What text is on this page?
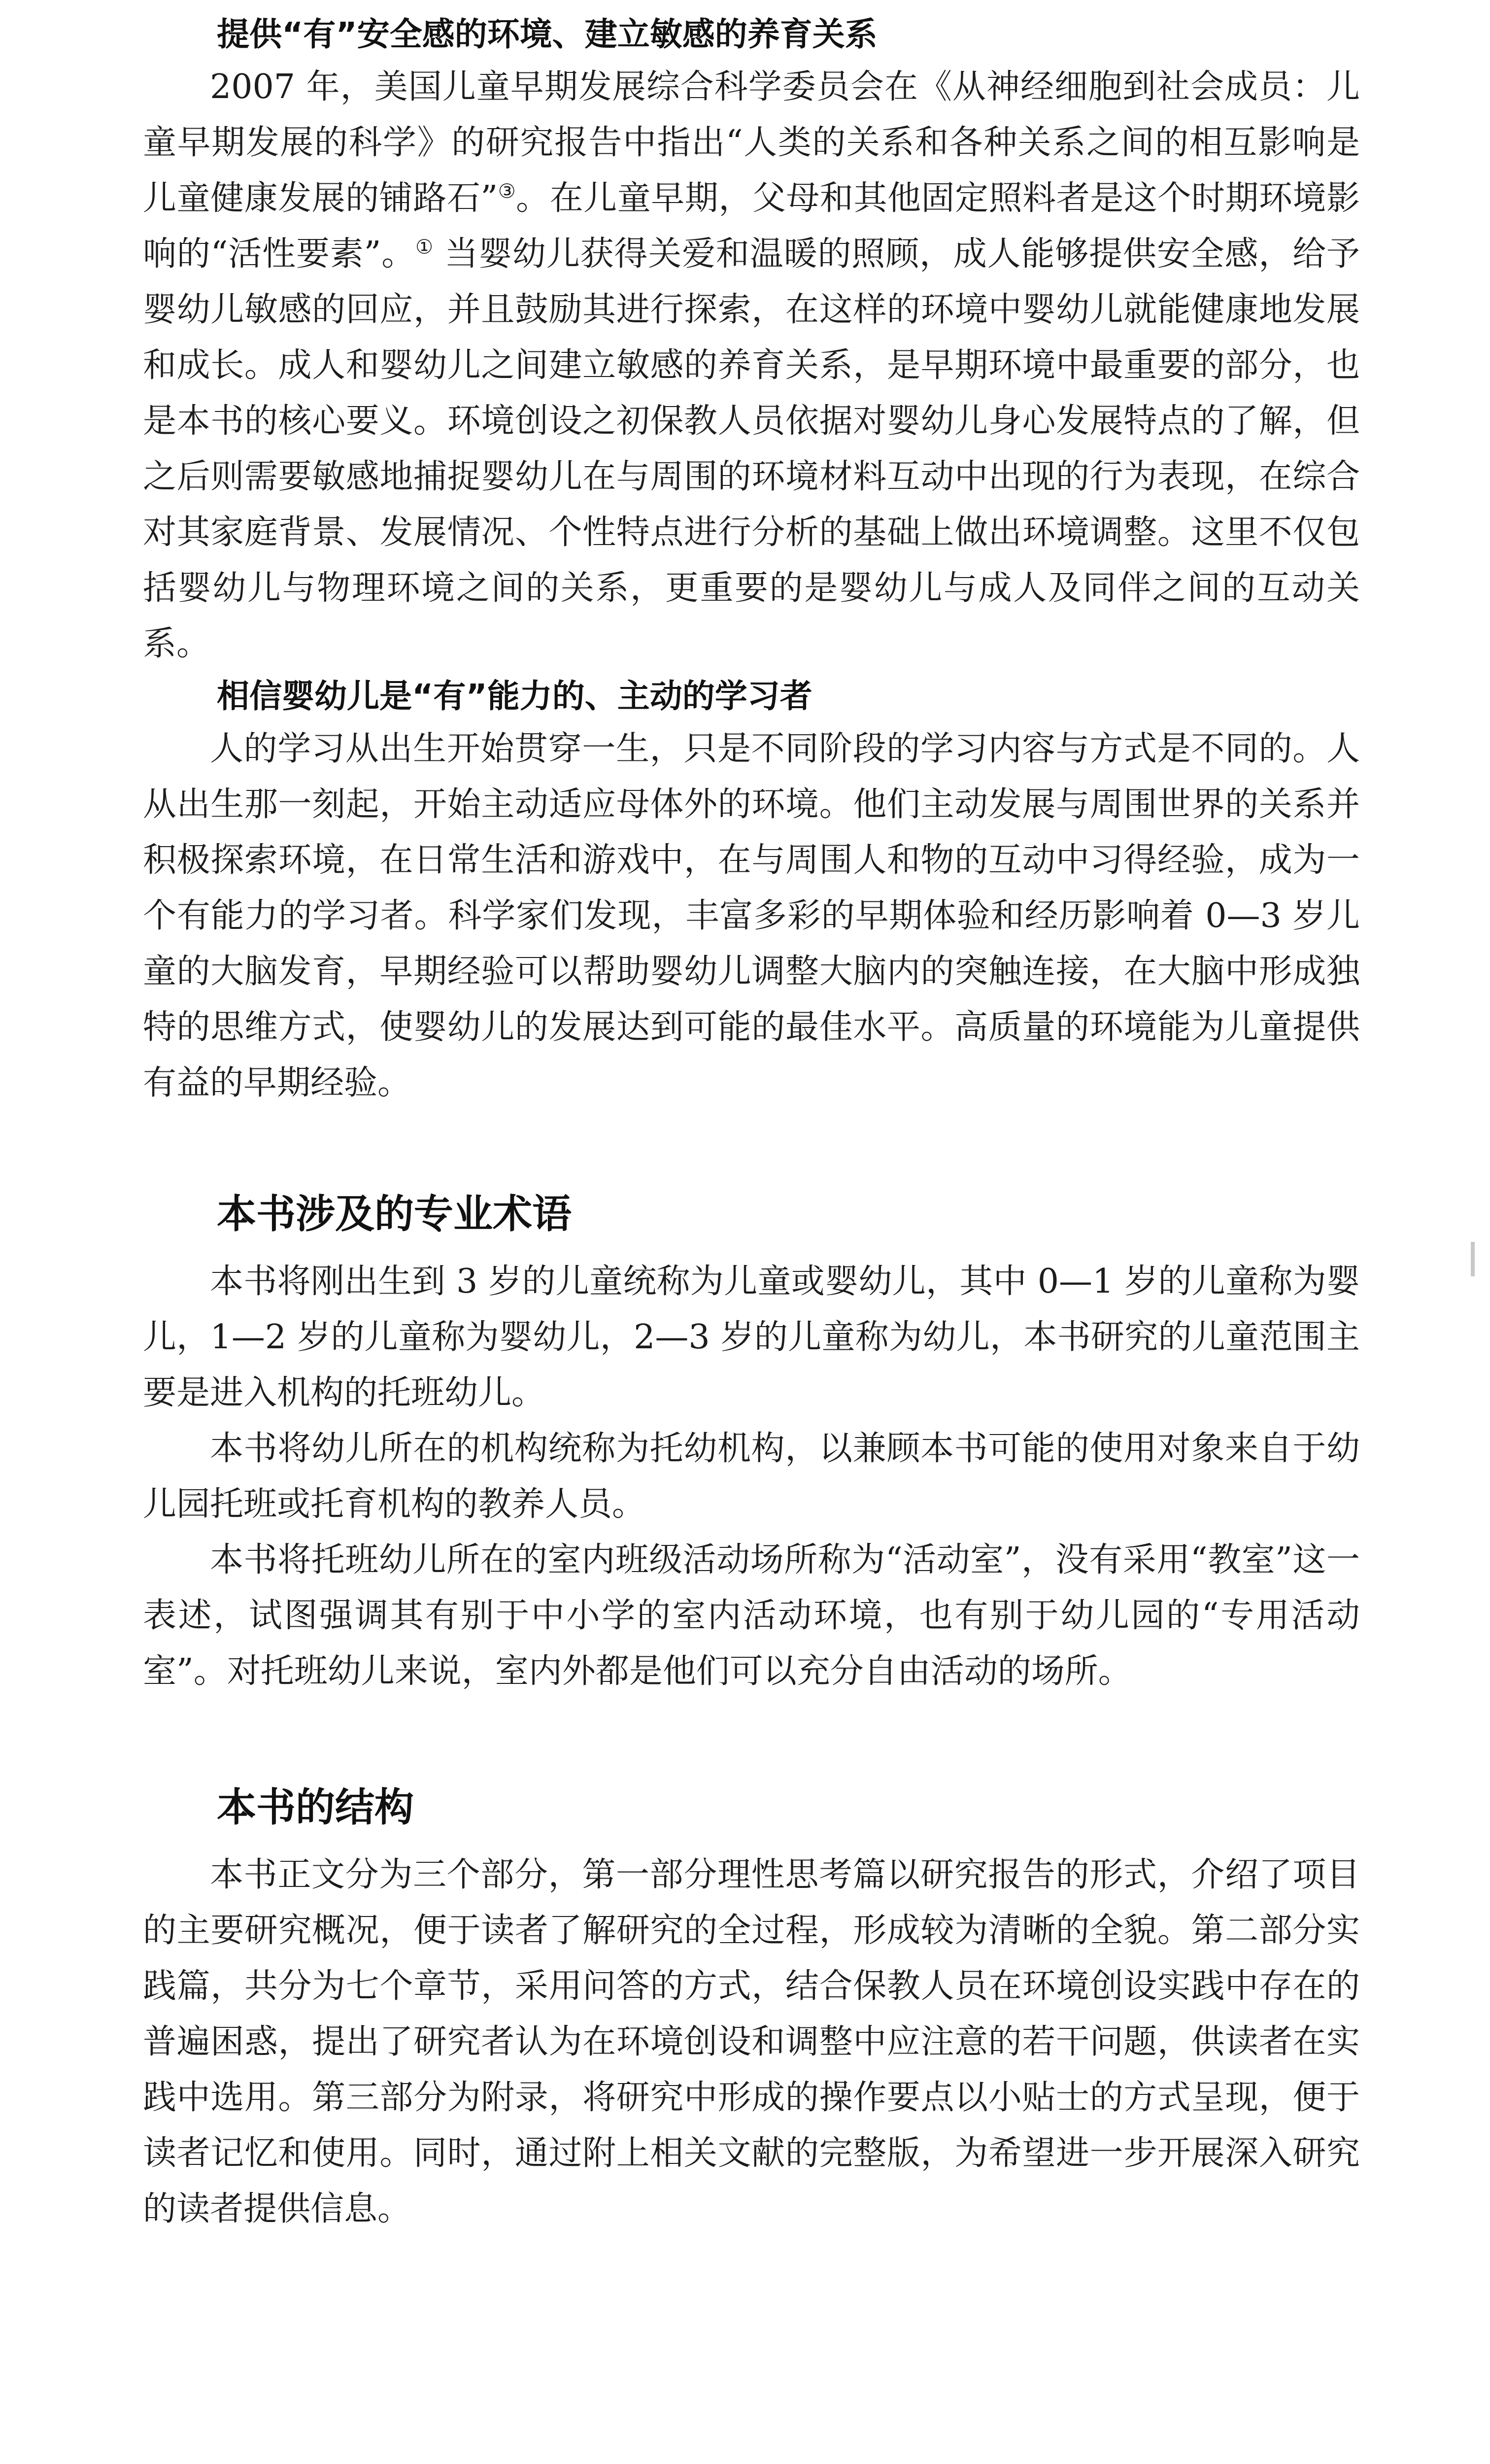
提供“有”安全感的环境、建立敏感的养育关系

2007 年，美国儿童早期发展综合科学委员会在《从神经细胞到社会成员：儿童早期发展的科学》的研究报告中指出“人类的关系和各种关系之间的相互影响是儿童健康发展的铺路石”③。在儿童早期，父母和其他固定照料者是这个时期环境影响的“活性要素”。① 当婴幼儿获得关爱和温暖的照顾，成人能够提供安全感，给予婴幼儿敏感的回应，并且鼓励其进行探索，在这样的环境中婴幼儿就能健康地发展和成长。成人和婴幼儿之间建立敏感的养育关系，是早期环境中最重要的部分，也是本书的核心要义。环境创设之初保教人员依据对婴幼儿身心发展特点的了解，但之后则需要敏感地捕捉婴幼儿在与周围的环境材料互动中出现的行为表现，在综合对其家庭背景、发展情况、个性特点进行分析的基础上做出环境调整。这里不仅包括婴幼儿与物理环境之间的关系，更重要的是婴幼儿与成人及同伴之间的互动关系。

相信婴幼儿是“有”能力的、主动的学习者

人的学习从出生开始贯穿一生，只是不同阶段的学习内容与方式是不同的。人从出生那一刻起，开始主动适应母体外的环境。他们主动发展与周围世界的关系并积极探索环境，在日常生活和游戏中，在与周围人和物的互动中习得经验，成为一个有能力的学习者。科学家们发现，丰富多彩的早期体验和经历影响着 0—3 岁儿童的大脑发育，早期经验可以帮助婴幼儿调整大脑内的突触连接，在大脑中形成独特的思维方式，使婴幼儿的发展达到可能的最佳水平。高质量的环境能为儿童提供有益的早期经验。

本书涉及的专业术语

本书将刚出生到 3 岁的儿童统称为儿童或婴幼儿，其中 0—1 岁的儿童称为婴儿，1—2 岁的儿童称为婴幼儿，2—3 岁的儿童称为幼儿，本书研究的儿童范围主要是进入机构的托班幼儿。

本书将幼儿所在的机构统称为托幼机构，以兼顾本书可能的使用对象来自于幼儿园托班或托育机构的教养人员。

本书将托班幼儿所在的室内班级活动场所称为“活动室”，没有采用“教室”这一表述，试图强调其有别于中小学的室内活动环境，也有别于幼儿园的“专用活动室”。对托班幼儿来说，室内外都是他们可以充分自由活动的场所。

本书的结构

本书正文分为三个部分，第一部分理性思考篇以研究报告的形式，介绍了项目的主要研究概况，便于读者了解研究的全过程，形成较为清晰的全貌。第二部分实践篇，共分为七个章节，采用问答的方式，结合保教人员在环境创设实践中存在的普遍困惑，提出了研究者认为在环境创设和调整中应注意的若干问题，供读者在实践中选用。第三部分为附录，将研究中形成的操作要点以小贴士的方式呈现，便于读者记忆和使用。同时，通过附上相关文献的完整版，为希望进一步开展深入研究的读者提供信息。
